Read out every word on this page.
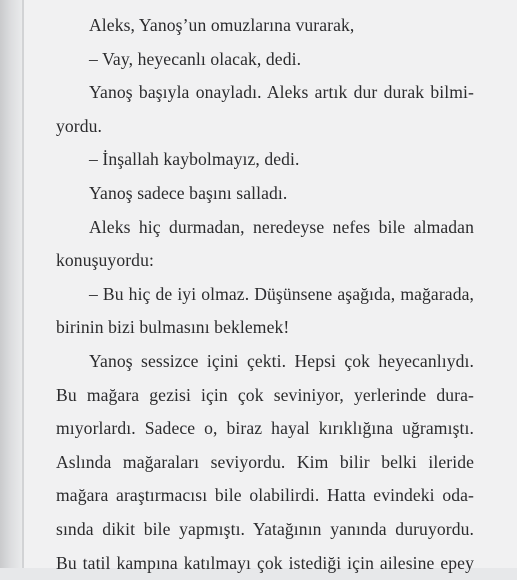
Aleks, Yanoş’un omuzlarına vurarak,
– Vay, heyecanlı olacak, dedi.
Yanoş başıyla onayladı. Aleks artık dur durak bilmi-
yordu.
– İnşallah kaybolmayız, dedi.
Yanoş sadece başını salladı.
Aleks hiç durmadan, neredeyse nefes bile almadan
konuşuyordu:
– Bu hiç de iyi olmaz. Düşünsene aşağıda, mağarada,
birinin bizi bulmasını beklemek!
Yanoş sessizce içini çekti. Hepsi çok heyecanlıydı.
Bu mağara gezisi için çok seviniyor, yerlerinde dura-
mıyorlardı. Sadece o, biraz hayal kırıklığına uğramıştı.
Aslında mağaraları seviyordu. Kim bilir belki ileride
mağara araştırmacısı bile olabilirdi. Hatta evindeki oda-
sında dikit bile yapmıştı. Yatağının yanında duruyordu.
Bu tatil kampına katılmayı çok istediği için ailesine epey
